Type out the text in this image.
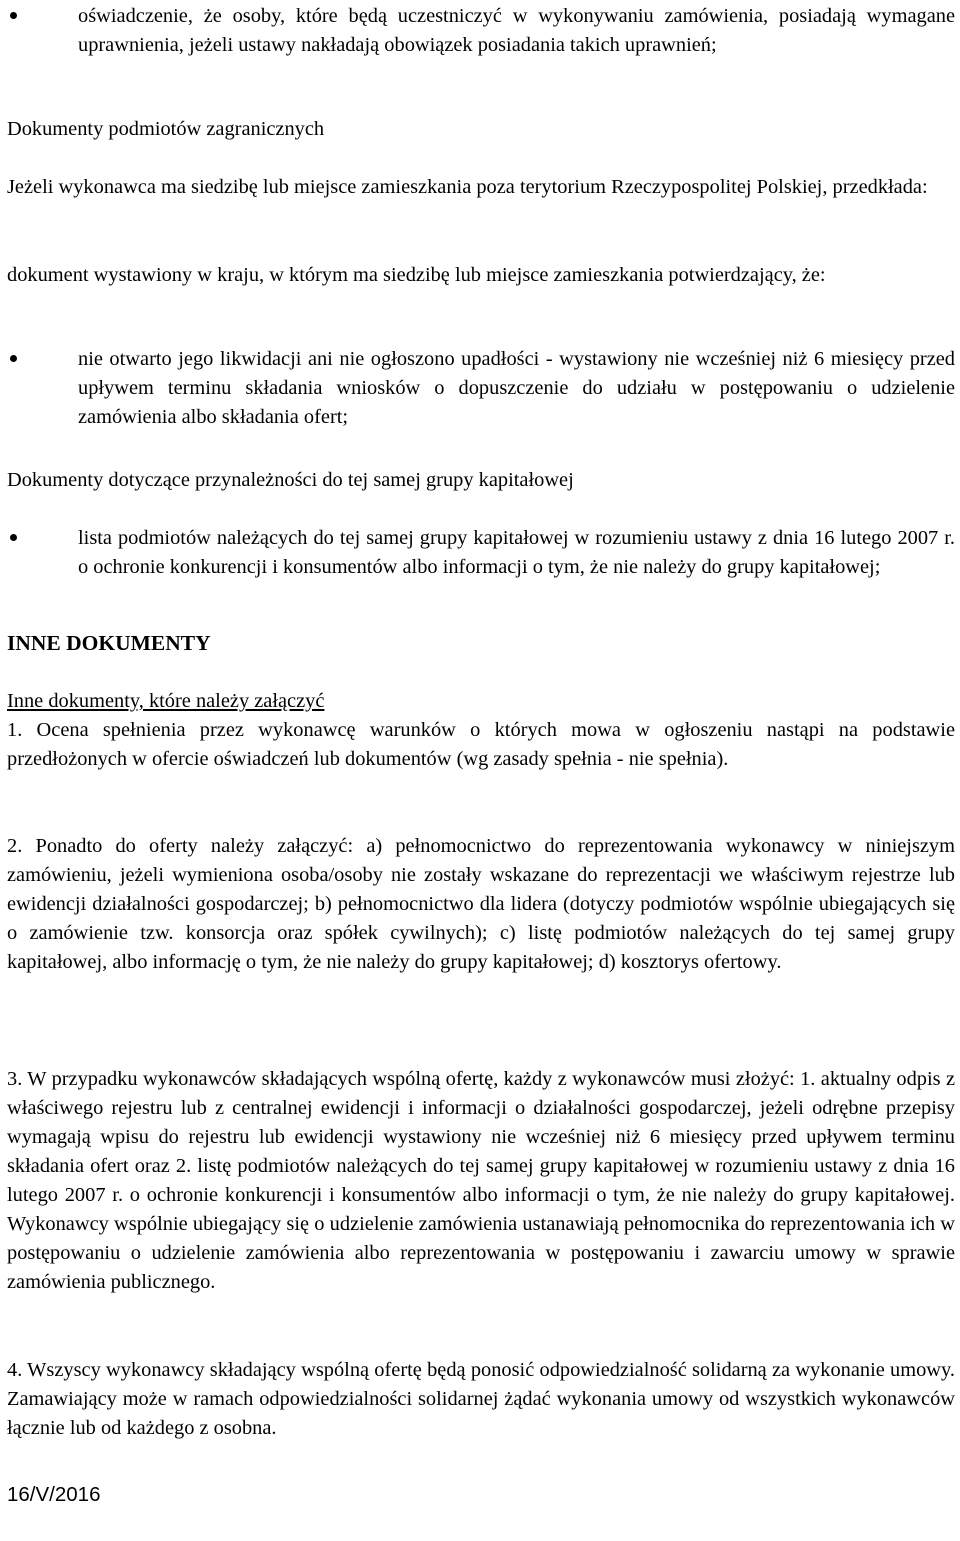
oświadczenie, że osoby, które będą uczestniczyć w wykonywaniu zamówienia, posiadają wymagane uprawnienia, jeżeli ustawy nakładają obowiązek posiadania takich uprawnień;
Dokumenty podmiotów zagranicznych
Jeżeli wykonawca ma siedzibę lub miejsce zamieszkania poza terytorium Rzeczypospolitej Polskiej, przedkłada:
dokument wystawiony w kraju, w którym ma siedzibę lub miejsce zamieszkania potwierdzający, że:
nie otwarto jego likwidacji ani nie ogłoszono upadłości - wystawiony nie wcześniej niż 6 miesięcy przed upływem terminu składania wniosków o dopuszczenie do udziału w postępowaniu o udzielenie zamówienia albo składania ofert;
Dokumenty dotyczące przynależności do tej samej grupy kapitałowej
lista podmiotów należących do tej samej grupy kapitałowej w rozumieniu ustawy z dnia 16 lutego 2007 r. o ochronie konkurencji i konsumentów albo informacji o tym, że nie należy do grupy kapitałowej;
INNE DOKUMENTY
Inne dokumenty, które należy załączyć
1. Ocena spełnienia przez wykonawcę warunków o których mowa w ogłoszeniu nastąpi na podstawie przedłożonych w ofercie oświadczeń lub dokumentów (wg zasady spełnia - nie spełnia).
2. Ponadto do oferty należy załączyć: a) pełnomocnictwo do reprezentowania wykonawcy w niniejszym zamówieniu, jeżeli wymieniona osoba/osoby nie zostały wskazane do reprezentacji we właściwym rejestrze lub ewidencji działalności gospodarczej; b) pełnomocnictwo dla lidera (dotyczy podmiotów wspólnie ubiegających się o zamówienie tzw. konsorcja oraz spółek cywilnych); c) listę podmiotów należących do tej samej grupy kapitałowej, albo informację o tym, że nie należy do grupy kapitałowej; d) kosztorys ofertowy.
3. W przypadku wykonawców składających wspólną ofertę, każdy z wykonawców musi złożyć: 1. aktualny odpis z właściwego rejestru lub z centralnej ewidencji i informacji o działalności gospodarczej, jeżeli odrębne przepisy wymagają wpisu do rejestru lub ewidencji wystawiony nie wcześniej niż 6 miesięcy przed upływem terminu składania ofert oraz 2. listę podmiotów należących do tej samej grupy kapitałowej w rozumieniu ustawy z dnia 16 lutego 2007 r. o ochronie konkurencji i konsumentów albo informacji o tym, że nie należy do grupy kapitałowej. Wykonawcy wspólnie ubiegający się o udzielenie zamówienia ustanawiają pełnomocnika do reprezentowania ich w postępowaniu o udzielenie zamówienia albo reprezentowania w postępowaniu i zawarciu umowy w sprawie zamówienia publicznego.
4. Wszyscy wykonawcy składający wspólną ofertę będą ponosić odpowiedzialność solidarną za wykonanie umowy. Zamawiający może w ramach odpowiedzialności solidarnej żądać wykonania umowy od wszystkich wykonawców łącznie lub od każdego z osobna.
16/V/2016
